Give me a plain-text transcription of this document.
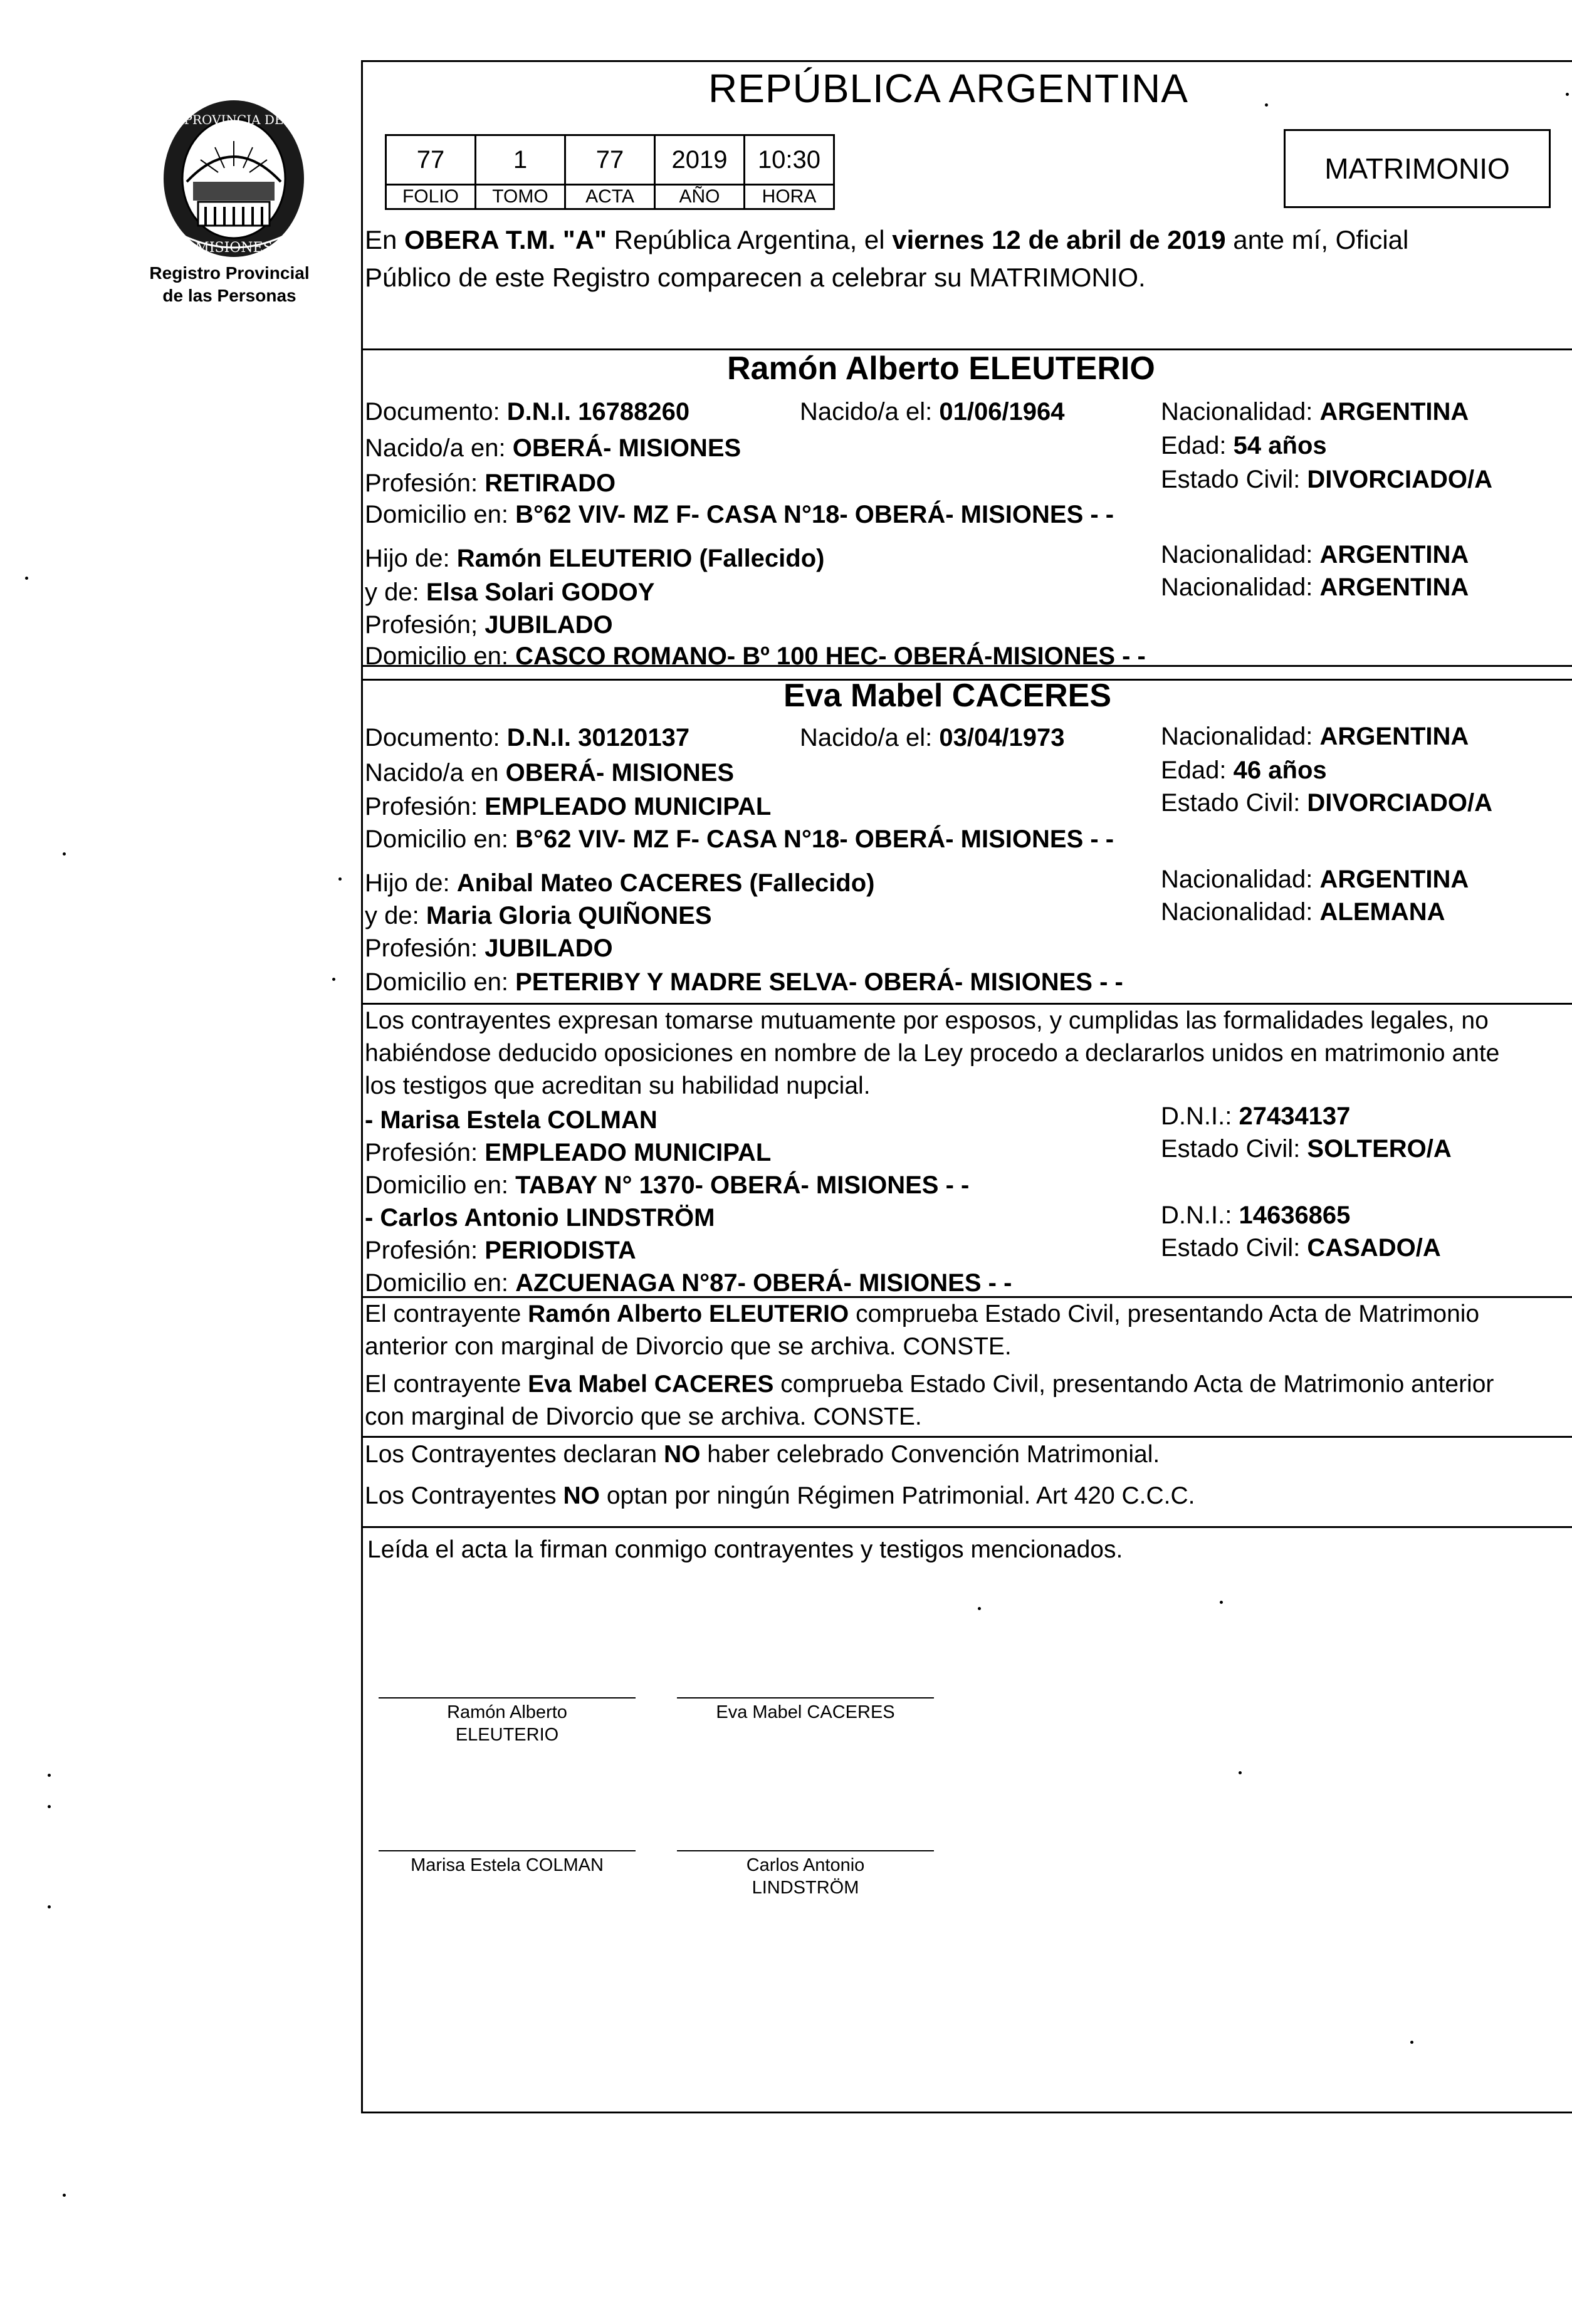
PROVINCIA DE
MISIONES
Registro Provincial
de las Personas
REPÚBLICA ARGENTINA
77	1	77	2019	10:30
FOLIO	TOMO	ACTA	AÑO	HORA
MATRIMONIO
En OBERA T.M. "A" República Argentina, el viernes 12 de abril de 2019 ante mí, Oficial
Público de este Registro comparecen a celebrar su MATRIMONIO.
Ramón Alberto ELEUTERIO
Documento: D.N.I. 16788260	Nacido/a el: 01/06/1964	Nacionalidad: ARGENTINA
Nacido/a en: OBERÁ- MISIONES	Edad: 54 años
Profesión: RETIRADO	Estado Civil: DIVORCIADO/A
Domicilio en: B°62 VIV- MZ F- CASA N°18- OBERÁ- MISIONES - -
Hijo de: Ramón ELEUTERIO (Fallecido)	Nacionalidad: ARGENTINA
y de: Elsa Solari GODOY	Nacionalidad: ARGENTINA
Profesión; JUBILADO
Domicilio en: CASCO ROMANO- Bº 100 HEC- OBERÁ-MISIONES - -
Eva Mabel CACERES
Documento: D.N.I. 30120137	Nacido/a el: 03/04/1973	Nacionalidad: ARGENTINA
Nacido/a en OBERÁ- MISIONES	Edad: 46 años
Profesión: EMPLEADO MUNICIPAL	Estado Civil: DIVORCIADO/A
Domicilio en: B°62 VIV- MZ F- CASA N°18- OBERÁ- MISIONES - -
Hijo de: Anibal Mateo CACERES (Fallecido)	Nacionalidad: ARGENTINA
y de: Maria Gloria QUIÑONES	Nacionalidad: ALEMANA
Profesión: JUBILADO
Domicilio en: PETERIBY Y MADRE SELVA- OBERÁ- MISIONES - -
Los contrayentes expresan tomarse mutuamente por esposos, y cumplidas las formalidades legales, no
habiéndose deducido oposiciones en nombre de la Ley procedo a declararlos unidos en matrimonio ante
los testigos que acreditan su habilidad nupcial.
- Marisa Estela COLMAN	D.N.I.: 27434137
Profesión: EMPLEADO MUNICIPAL	Estado Civil: SOLTERO/A
Domicilio en: TABAY N° 1370- OBERÁ- MISIONES - -
- Carlos Antonio LINDSTRÖM	D.N.I.: 14636865
Profesión: PERIODISTA	Estado Civil: CASADO/A
Domicilio en: AZCUENAGA N°87- OBERÁ- MISIONES - -
El contrayente Ramón Alberto ELEUTERIO comprueba Estado Civil, presentando Acta de Matrimonio
anterior con marginal de Divorcio que se archiva. CONSTE.
El contrayente Eva Mabel CACERES comprueba Estado Civil, presentando Acta de Matrimonio anterior
con marginal de Divorcio que se archiva. CONSTE.
Los Contrayentes declaran NO haber celebrado Convención Matrimonial.
Los Contrayentes NO optan por ningún Régimen Patrimonial. Art 420 C.C.C.
Leída el acta la firman conmigo contrayentes y testigos mencionados.
Ramón Alberto
ELEUTERIO
Eva Mabel CACERES
Marisa Estela COLMAN	Carlos Antonio
LINDSTRÖM
